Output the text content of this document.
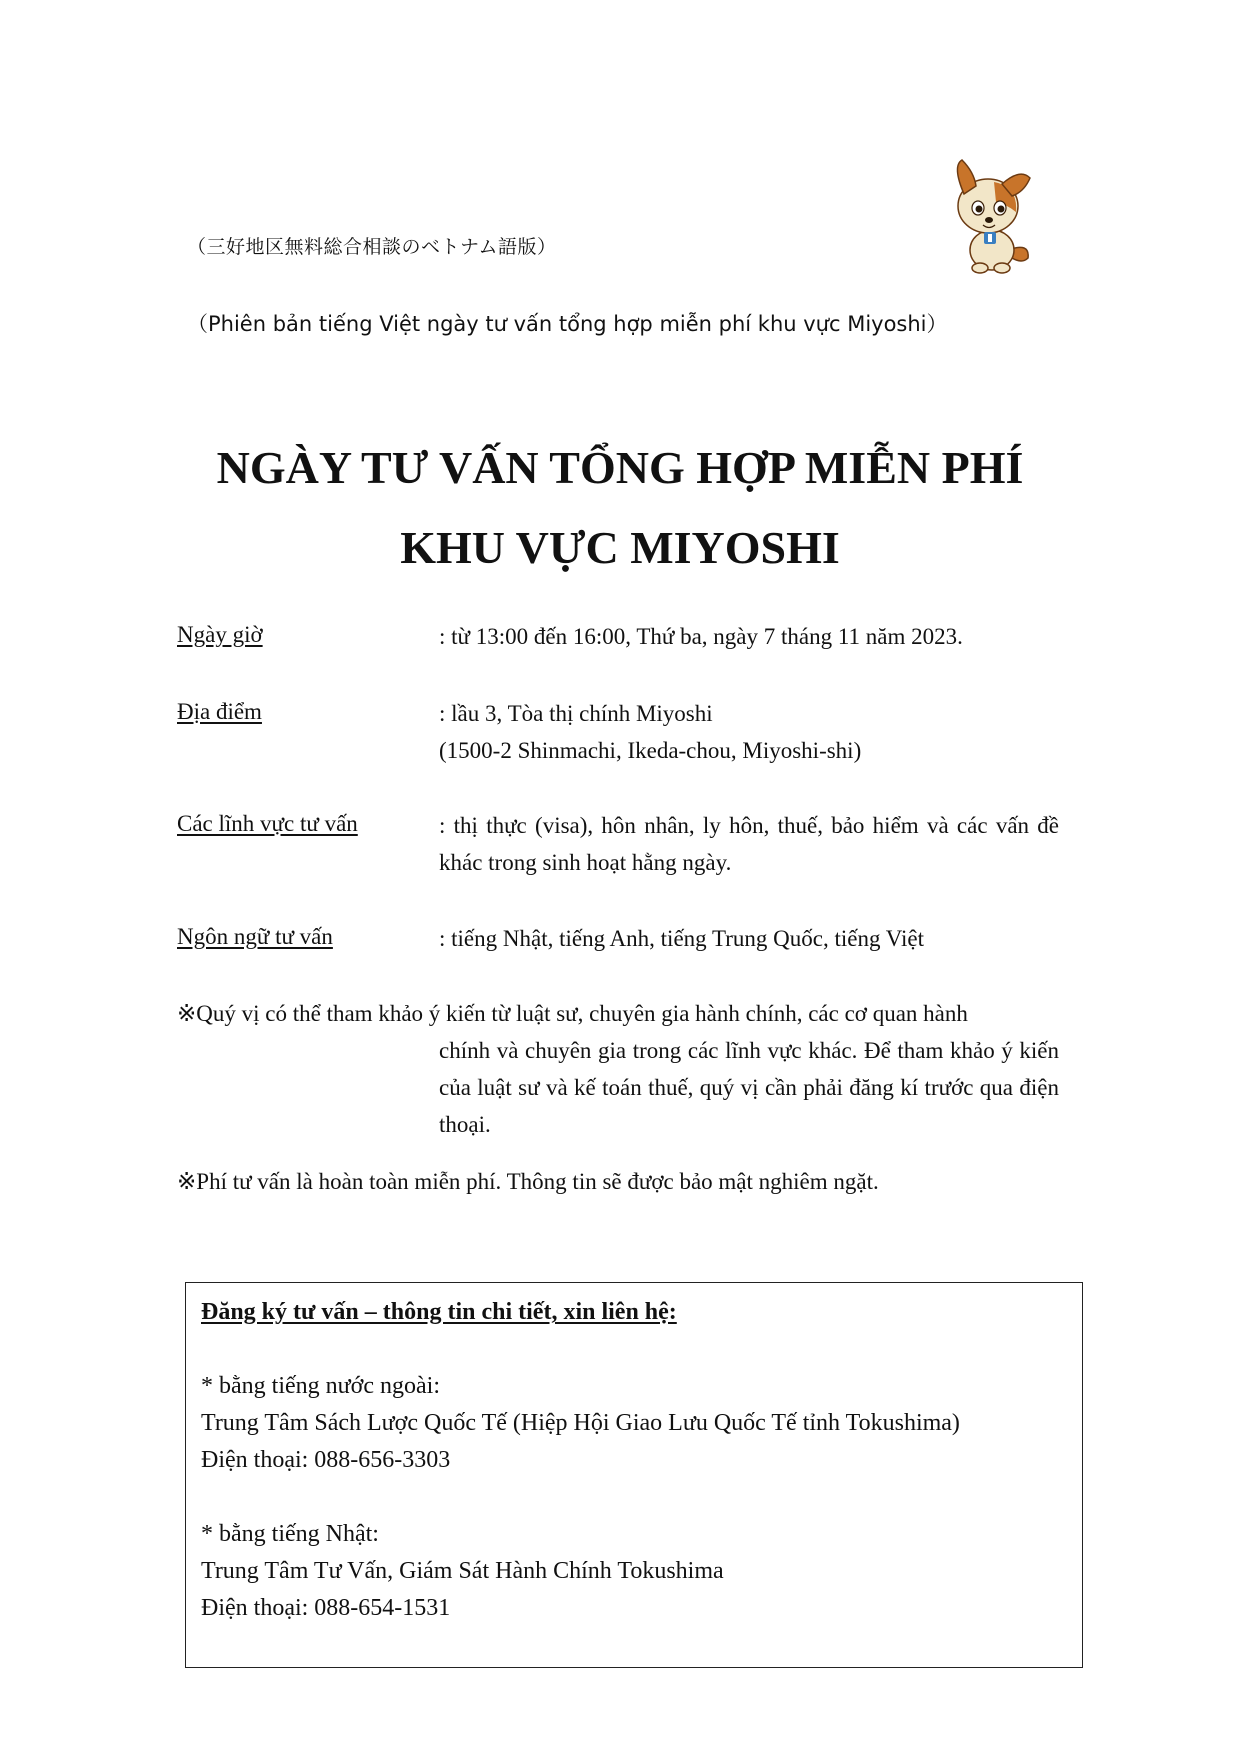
（三好地区無料総合相談のベトナム語版）
（Phiên bản tiếng Việt ngày tư vấn tổng hợp miễn phí khu vực Miyoshi）
NGÀY TƯ VẤN TỔNG HỢP MIỄN PHÍ
KHU VỰC MIYOSHI
Ngày giờ	: từ 13:00 đến 16:00, Thứ ba, ngày 7 tháng 11 năm 2023.
Địa điểm	: lầu 3, Tòa thị chính Miyoshi
(1500-2 Shinmachi, Ikeda-chou, Miyoshi-shi)
Các lĩnh vực tư vấn	: thị thực (visa), hôn nhân, ly hôn, thuế, bảo hiểm và các vấn đề khác trong sinh hoạt hằng ngày.
Ngôn ngữ tư vấn	: tiếng Nhật, tiếng Anh, tiếng Trung Quốc, tiếng Việt
※Quý vị có thể tham khảo ý kiến từ luật sư, chuyên gia hành chính, các cơ quan hành
chính và chuyên gia trong các lĩnh vực khác. Để tham khảo ý kiến của luật sư và kế toán thuế, quý vị cần phải đăng kí trước qua điện thoại.
※Phí tư vấn là hoàn toàn miễn phí. Thông tin sẽ được bảo mật nghiêm ngặt.
Đăng ký tư vấn – thông tin chi tiết, xin liên hệ:
* bằng tiếng nước ngoài:
Trung Tâm Sách Lược Quốc Tế (Hiệp Hội Giao Lưu Quốc Tế tỉnh Tokushima)
Điện thoại: 088-656-3303
* bằng tiếng Nhật:
Trung Tâm Tư Vấn, Giám Sát Hành Chính Tokushima
Điện thoại: 088-654-1531
